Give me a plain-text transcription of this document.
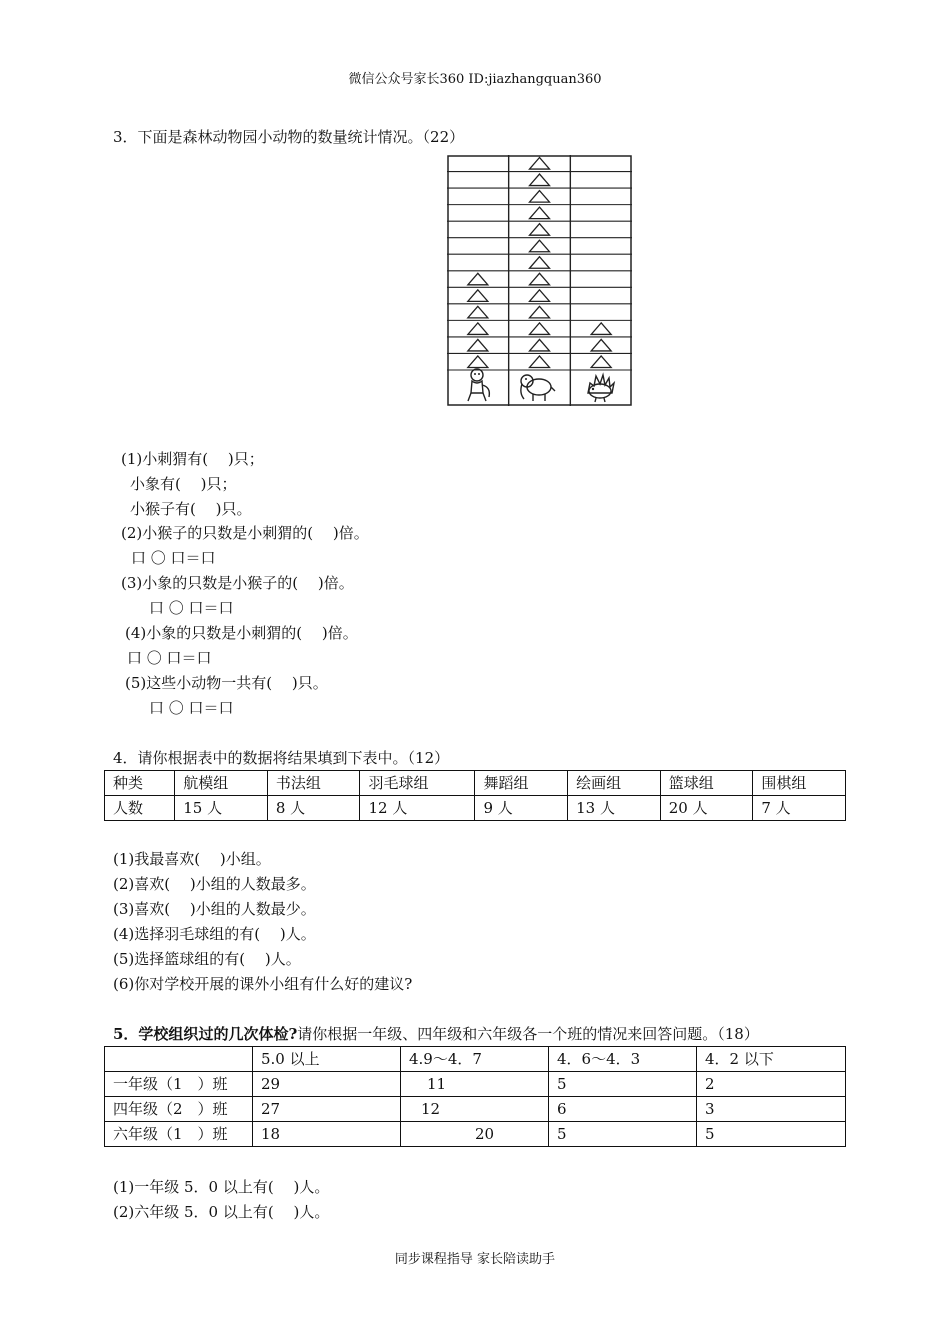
微信公众号家长360 ID:jiazhangquan360
3．下面是森林动物园小动物的数量统计情况。（22）
(1)小刺猬有(　 )只；
小象有(　 )只；
小猴子有(　 )只。
(2)小猴子的只数是小刺猬的(　 )倍。
口 〇 口＝口
(3)小象的只数是小猴子的(　 )倍。
口 〇 口＝口
(4)小象的只数是小刺猬的(　 )倍。
口 〇 口＝口
(5)这些小动物一共有(　 )只。
口 〇 口＝口
4．请你根据表中的数据将结果填到下表中。（12）
种类	航模组	书法组	羽毛球组	舞蹈组	绘画组	篮球组	围棋组
人数	15 人	8 人	12 人	9 人	13 人	20 人	7 人
(1)我最喜欢(　 )小组。
(2)喜欢(　 )小组的人数最多。
(3)喜欢(　 )小组的人数最少。
(4)选择羽毛球组的有(　 )人。
(5)选择篮球组的有(　 )人。
(6)你对学校开展的课外小组有什么好的建议?
5．学校组织过的几次体检?请你根据一年级、四年级和六年级各一个班的情况来回答问题。（18）
	5.0 以上	4.9～4．7	4．6～4．3	4．2 以下
一年级（1　）班	29	11	5	2
四年级（2　）班	27	12	6	3
六年级（1　）班	18	20	5	5
(1)一年级 5．0 以上有(　 )人。
(2)六年级 5．0 以上有(　 )人。
同步课程指导 家长陪读助手
